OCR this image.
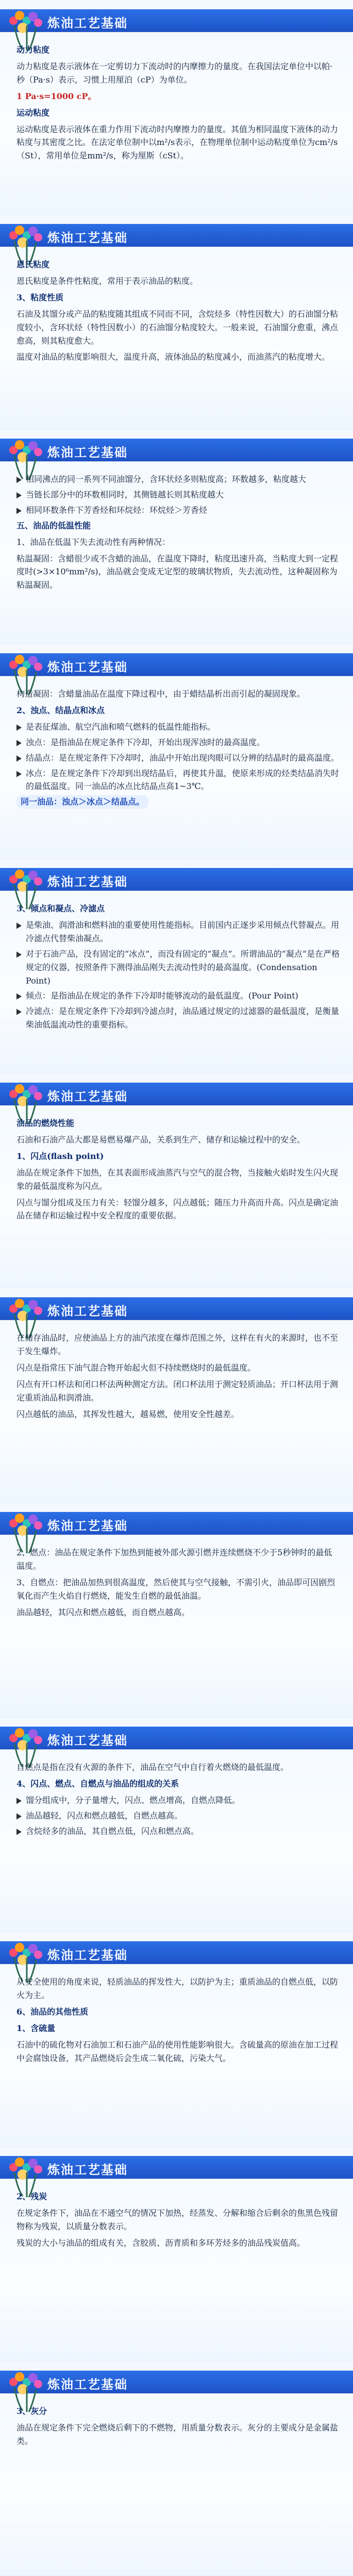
炼油工艺基础

动力粘度

动力粘度是表示液体在一定剪切力下流动时的内摩擦力的量度。在我国法定单位中以帕·秒（Pa·s）表示，习惯上用厘泊（cP）为单位。

1 Pa·s=1000 cP。

运动粘度

运动粘度是表示液体在重力作用下流动时内摩擦力的量度。其值为相同温度下液体的动力粘度与其密度之比。在法定单位制中以m²/s表示，在物理单位制中运动粘度单位为cm²/s（St），常用单位是mm²/s，称为厘斯（cSt）。

炼油工艺基础

恩氏粘度

恩氏粘度是条件性粘度，常用于表示油品的粘度。

3、粘度性质

石油及其馏分或产品的粘度随其组成不同而不同，含烷烃多（特性因数大）的石油馏分粘度较小，含环状烃（特性因数小）的石油馏分粘度较大。一般来说，石油馏分愈重，沸点愈高，则其粘度愈大。

温度对油品的粘度影响很大，温度升高，液体油品的粘度减小，而油蒸汽的粘度增大。

炼油工艺基础
相同沸点的同一系列不同油馏分，含环状烃多则粘度高；环数越多，粘度越大
当链长部分中的环数相同时，其侧链越长则其粘度越大
相同环数条件下芳香烃和环烷烃：环烷烃＞芳香烃

五、油品的低温性能

1、油品在低温下失去流动性有两种情况：

粘温凝固：含蜡很少或不含蜡的油品，在温度下降时，粘度迅速升高，当粘度大到一定程度时(>3×10⁶mm²/s)，油品就会变成无定型的玻璃状物质，失去流动性，这种凝固称为粘温凝固。

炼油工艺基础

构造凝固：含蜡量油品在温度下降过程中，由于蜡结晶析出而引起的凝固现象。

2、浊点、结晶点和冰点

是表征煤油、航空汽油和喷气燃料的低温性能指标。
浊点：是指油品在规定条件下冷却，开始出现浑浊时的最高温度。
结晶点：是在规定条件下冷却时，油品中开始出现肉眼可以分辨的结晶时的最高温度。
冰点：是在规定条件下冷却到出现结晶后，再使其升温，使原来形成的烃类结晶消失时的最低温度。同一油品的冰点比结晶点高1~3℃。

同一油品：浊点＞冰点＞结晶点。

炼油工艺基础

3、倾点和凝点、冷滤点

是柴油、润滑油和燃料油的重要使用性能指标。目前国内正逐步采用倾点代替凝点。用冷滤点代替柴油凝点。
对于石油产品，没有固定的“冰点”，而没有固定的“凝点”。所谓油品的“凝点”是在严格规定的仪器，按照条件下测得油品刚失去流动性时的最高温度。(Condensation Point)
倾点：是指油品在规定的条件下冷却时能够流动的最低温度。(Pour Point)
冷滤点：是在规定条件下冷却到冷滤点时，油品通过规定的过滤器的最低温度，是衡量柴油低温流动性的重要指标。
炼油工艺基础

油品的燃烧性能

石油和石油产品大都是易燃易爆产品，关系到生产、储存和运输过程中的安全。

1、闪点(flash point)

油品在规定条件下加热，在其表面形成油蒸汽与空气的混合物，当接触火焰时发生闪火现象的最低温度称为闪点。

闪点与馏分组成及压力有关：轻馏分越多，闪点越低；随压力升高而升高。闪点是确定油品在储存和运输过程中安全程度的重要依据。

炼油工艺基础

在储存油品时，应使油品上方的油汽浓度在爆炸范围之外，这样在有火的来源时，也不至于发生爆炸。

闪点是指常压下油气混合物开始起火但不持续燃烧时的最低温度。

闪点有开口杯法和闭口杯法两种测定方法。闭口杯法用于测定轻质油品；开口杯法用于测定重质油品和润滑油。

闪点越低的油品，其挥发性越大，越易燃，使用安全性越差。

炼油工艺基础

2、燃点：油品在规定条件下加热到能被外部火源引燃并连续燃烧不少于5秒钟时的最低温度。

3、自燃点：把油品加热到很高温度，然后使其与空气接触，不需引火，油品即可因剧烈氧化而产生火焰自行燃烧，能发生自燃的最低油温。

油品越轻，其闪点和燃点越低，而自燃点越高。

炼油工艺基础

自燃点是指在没有火源的条件下，油品在空气中自行着火燃烧的最低温度。

4、闪点、燃点、自燃点与油品的组成的关系

馏分组成中，分子量增大，闪点、燃点增高，自燃点降低。
油品越轻，闪点和燃点越低，自燃点越高。
含烷烃多的油品，其自燃点低，闪点和燃点高。
炼油工艺基础

从安全使用的角度来说，轻质油品的挥发性大，以防护为主；重质油品的自燃点低，以防火为主。

6、油品的其他性质

1、含硫量

石油中的硫化物对石油加工和石油产品的使用性能影响很大。含硫量高的原油在加工过程中会腐蚀设备，其产品燃烧后会生成二氧化硫，污染大气。

炼油工艺基础

2、残炭

在规定条件下，油品在不通空气的情况下加热，经蒸发、分解和缩合后剩余的焦黑色残留物称为残炭，以质量分数表示。

残炭的大小与油品的组成有关，含胶质、沥青质和多环芳烃多的油品残炭值高。

炼油工艺基础

3、灰分

油品在规定条件下完全燃烧后剩下的不燃物，用质量分数表示。灰分的主要成分是金属盐类。
